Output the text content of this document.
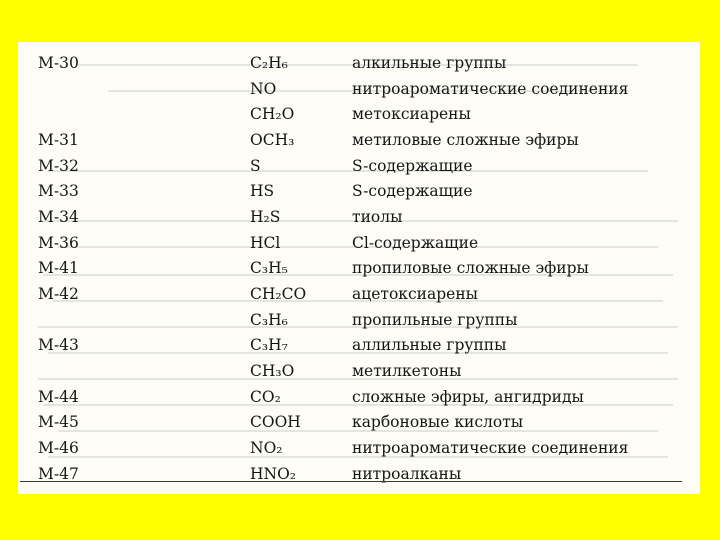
M-30	C₂H₆	алкильные группы
	NO	нитроароматические соединения
	CH₂O	метоксиарены
M-31	OCH₃	метиловые сложные эфиры
M-32	S	S-содержащие
M-33	HS	S-содержащие
M-34	H₂S	тиолы
M-36	HCl	Cl-содержащие
M-41	C₃H₅	пропиловые сложные эфиры
M-42	CH₂CO	ацетоксиарены
	C₃H₆	пропильные группы
M-43	C₃H₇	аллильные группы
	CH₃O	метилкетоны
M-44	CO₂	сложные эфиры, ангидриды
M-45	COOH	карбоновые кислоты
M-46	NO₂	нитроароматические соединения
M-47	HNO₂	нитроалканы
